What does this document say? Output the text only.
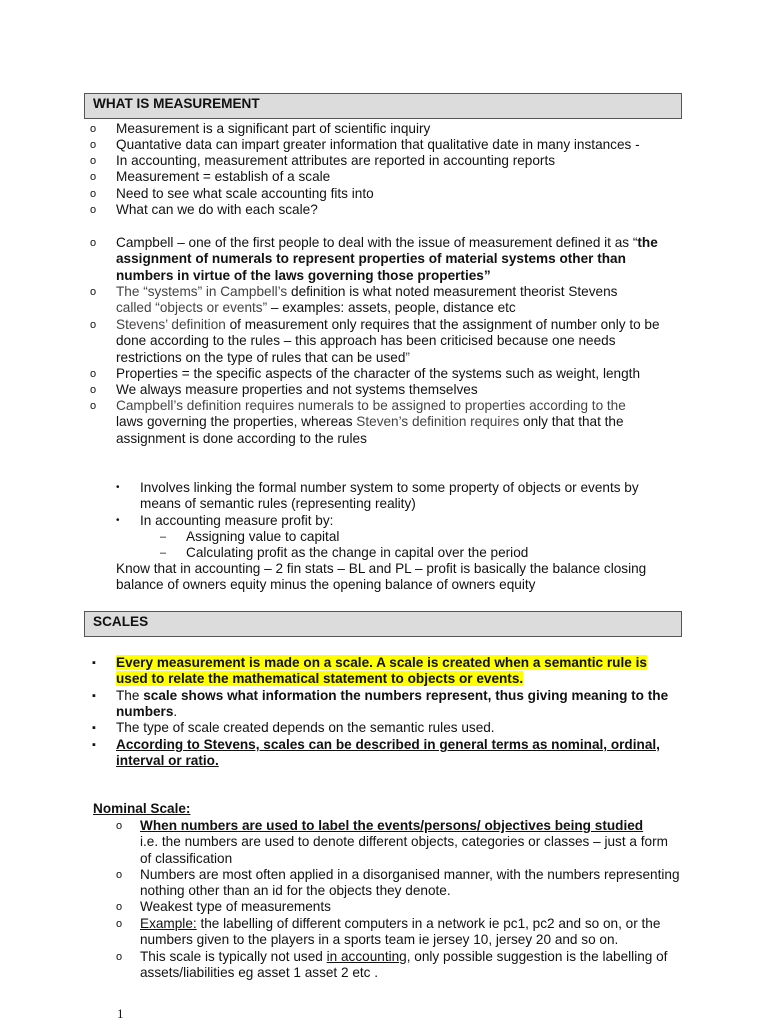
WHAT IS MEASUREMENT
o	Measurement is a significant part of scientific inquiry
o	Quantative data can impart greater information that qualitative date in many instances -
o	In accounting, measurement attributes are reported in accounting reports
o	Measurement = establish of a scale
o	Need to see what scale accounting fits into
o	What can we do with each scale?
o	Campbell – one of the first people to deal with the issue of measurement defined it as “the assignment of numerals to represent properties of material systems other than numbers in virtue of the laws governing those properties”
o	The “systems” in Campbell’s definition is what noted measurement theorist Stevens
called “objects or events” – examples: assets, people, distance etc
o	Stevens’ definition of measurement only requires that the assignment of number only to be done according to the rules – this approach has been criticised because one needs restrictions on the type of rules that can be used”
o	Properties = the specific aspects of the character of the systems such as weight, length
o	We always measure properties and not systems themselves
o	Campbell’s definition requires numerals to be assigned to properties according to the
laws governing the properties, whereas Steven’s definition requires only that that the assignment is done according to the rules
•	Involves linking the formal number system to some property of objects or events by means of semantic rules (representing reality)
•	In accounting measure profit by:
–	Assigning value to capital
–	Calculating profit as the change in capital over the period
Know that in accounting – 2 fin stats – BL and PL – profit is basically the balance closing balance of owners equity minus the opening balance of owners equity
SCALES
▪	Every measurement is made on a scale. A scale is created when a semantic rule is used to relate the mathematical statement to objects or events.
▪	The scale shows what information the numbers represent, thus giving meaning to the numbers.
▪	The type of scale created depends on the semantic rules used.
▪	According to Stevens, scales can be described in general terms as nominal, ordinal, interval or ratio.
Nominal Scale:
o	When numbers are used to label the events/persons/ objectives being studied
i.e. the numbers are used to denote different objects, categories or classes – just a form of classification
o	Numbers are most often applied in a disorganised manner, with the numbers representing nothing other than an id for the objects they denote.
o	Weakest type of measurements
o	Example: the labelling of different computers in a network ie pc1, pc2 and so on, or the numbers given to the players in a sports team ie jersey 10, jersey 20 and so on.
o	This scale is typically not used in accounting, only possible suggestion is the labelling of assets/liabilities eg asset 1 asset 2 etc .
1
